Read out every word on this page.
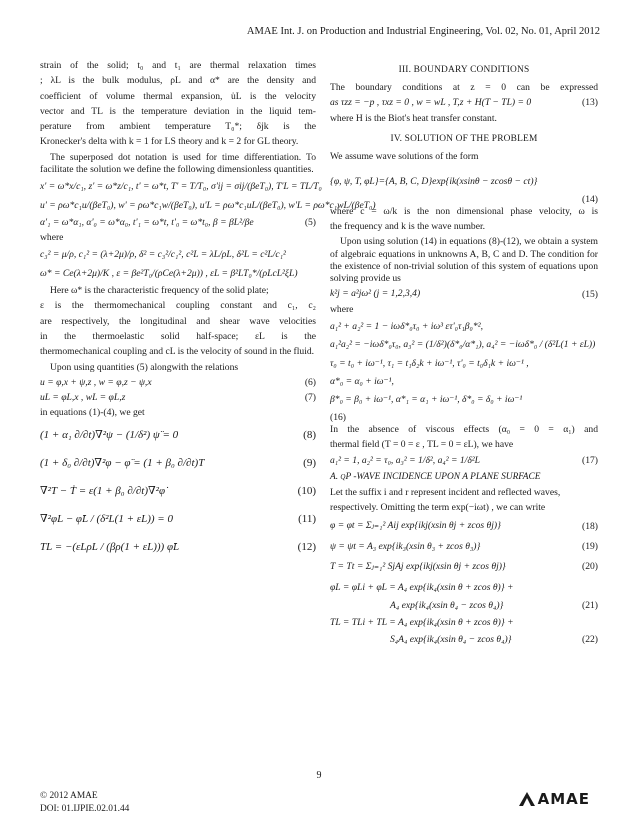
AMAE Int. J. on Production and Industrial Engineering, Vol. 02, No. 01, April 2012

strain of the solid; t₀ and t₁ are thermal relaxation times

; λL is the bulk modulus, ρL and α* are the density and

coefficient of volume thermal expansion, u̇L is the velocity

vector and TL is the temperature deviation in the liquid tem-

perature from ambient temperature T₀*; δjk is the

Kronecker's delta with k = 1 for LS theory and k = 2 for GL theory.

The superposed dot notation is used for time differentiation. To facilitate the solution we define the following dimensionless quantities.

x' = ω*x/c₁, z' = ω*z/c₁, t' = ω*t, T' = T/T₀, σ'ij = σij/(βeT₀), T'L = TL/T₀
u' = ρω*c₁u/(βeT₀), w' = ρω*c₁w/(βeT₀), u'L = ρω*c₁uL/(βeT₀), w'L = ρω*c₁wL/(βeT₀)
α'₁ = ω*α₁, α'₀ = ω*α₀, t'₁ = ω*t, t'₀ = ω*t₀, β = βL²/βe	(5)

where

c₃² = μ/ρ, c₁² = (λ+2μ)/ρ, δ² = c₃²/c₁², c²L = λL/ρL, δ²L = c²L/c₁²
ω* = Ce(λ+2μ)/K , ε = βe²T₀/(ρCe(λ+2μ)) , εL = β²LT₀*/(ρLcL²ξL)

Here ω* is the characteristic frequency of the solid plate;

ε is the thermomechanical coupling constant and c₁, c₂

are respectively, the longitudinal and shear wave velocities

in the thermoelastic solid half-space; εL is the

thermomechanical coupling and cL is the velocity of sound in the fluid.

Upon using quantities (5) alongwith the relations

u = φ,x + ψ,z , w = φ,z − ψ,x	(6)
uL = φL,x , wL = φL,z	(7)

in equations (1)-(4), we get

(1 + α₁ ∂/∂t)∇²ψ − (1/δ²) ψ̈ = 0	(8)
(1 + δ₀ ∂/∂t)∇²φ − φ̈ = (1 + β₀ ∂/∂t)T	(9)
∇²T − Ṫ = ε(1 + β₀ ∂/∂t)∇²φ̇	(10)
∇²φL − φ̈L / (δ²L(1 + εL)) = 0	(11)
TL = −(εLρL / (βρ(1 + εL))) φ̈L	(12)
III. BOUNDARY CONDITIONS

The boundary conditions at z = 0 can be expressed

as τzz = −p , τxz = 0 , w = wL , T,z + H(T − TL) = 0	(13)

where H is the Biot's heat transfer constant.

IV. SOLUTION OF THE PROBLEM

We assume wave solutions of the form

{φ, ψ, T, φL}={A, B, C, D}exp{ik(xsinθ − zcosθ − ct)}
(14)

where c = ω/k is the non dimensional phase velocity, ω is

the frequency and k is the wave number.

Upon using solution (14) in equations (8)-(12), we obtain a system of algebraic equations in unknowns A, B, C and D. The condition for the existence of non-trivial solution of this system of equations upon solving provide us

k²j = a²jω² (j = 1,2,3,4)	(15)

where

a₁² + a₂² = 1 − iωδ*₀τ₀ + iω³ ετ'₀τ₁β₀*²,
a₁²a₂² = −iωδ*₀τ₀, a₃² = (1/δ²)(δ*₀/α*₁), a₄² = −iωδ*₀ / (δ²L(1 + εL))
τ₀ = t₀ + iω⁻¹, τ₁ = t₁δ₂k + iω⁻¹, τ'₀ = t₀δ₁k + iω⁻¹ ,
α*₀ = α₀ + iω⁻¹,
β*₀ = β₀ + iω⁻¹, α*₁ = α₁ + iω⁻¹, δ*₀ = δ₀ + iω⁻¹
(16)

In the absence of viscous effects (α₀ = 0 = α₁) and

thermal field (T = 0 = ε , TL = 0 = εL), we have

a₁² = 1, a₂² = τ₀, a₃² = 1/δ², a₄² = 1/δ²L	(17)
A. qP -WAVE INCIDENCE UPON A PLANE SURFACE

Let the suffix i and r represent incident and reflected waves,

respectively. Omitting the term exp(−iωt) , we can write

φ = φt = Σⱼ₌₁² Aij exp{ikj(xsin θj + zcos θj)}	(18)
ψ = ψt = A₃ exp{ik₃(xsin θ₃ + zcos θ₃)}	(19)
T = Tt = Σⱼ₌₁² SjAj exp{ikj(xsin θj + zcos θj)}	(20)
φL = φLi + φL = A₄ exp{ik₄(xsin θ + zcos θ)} +
A₄ exp{ik₄(xsin θ₄ − zcos θ₄)}	(21)
TL = TLi + TL = A₄ exp{ik₄(xsin θ + zcos θ)} +
S₄A₄ exp{ik₄(xsin θ₄ − zcos θ₄)}	(22)
9
© 2012 AMAE
DOI: 01.IJPIE.02.01.44
AMAE
